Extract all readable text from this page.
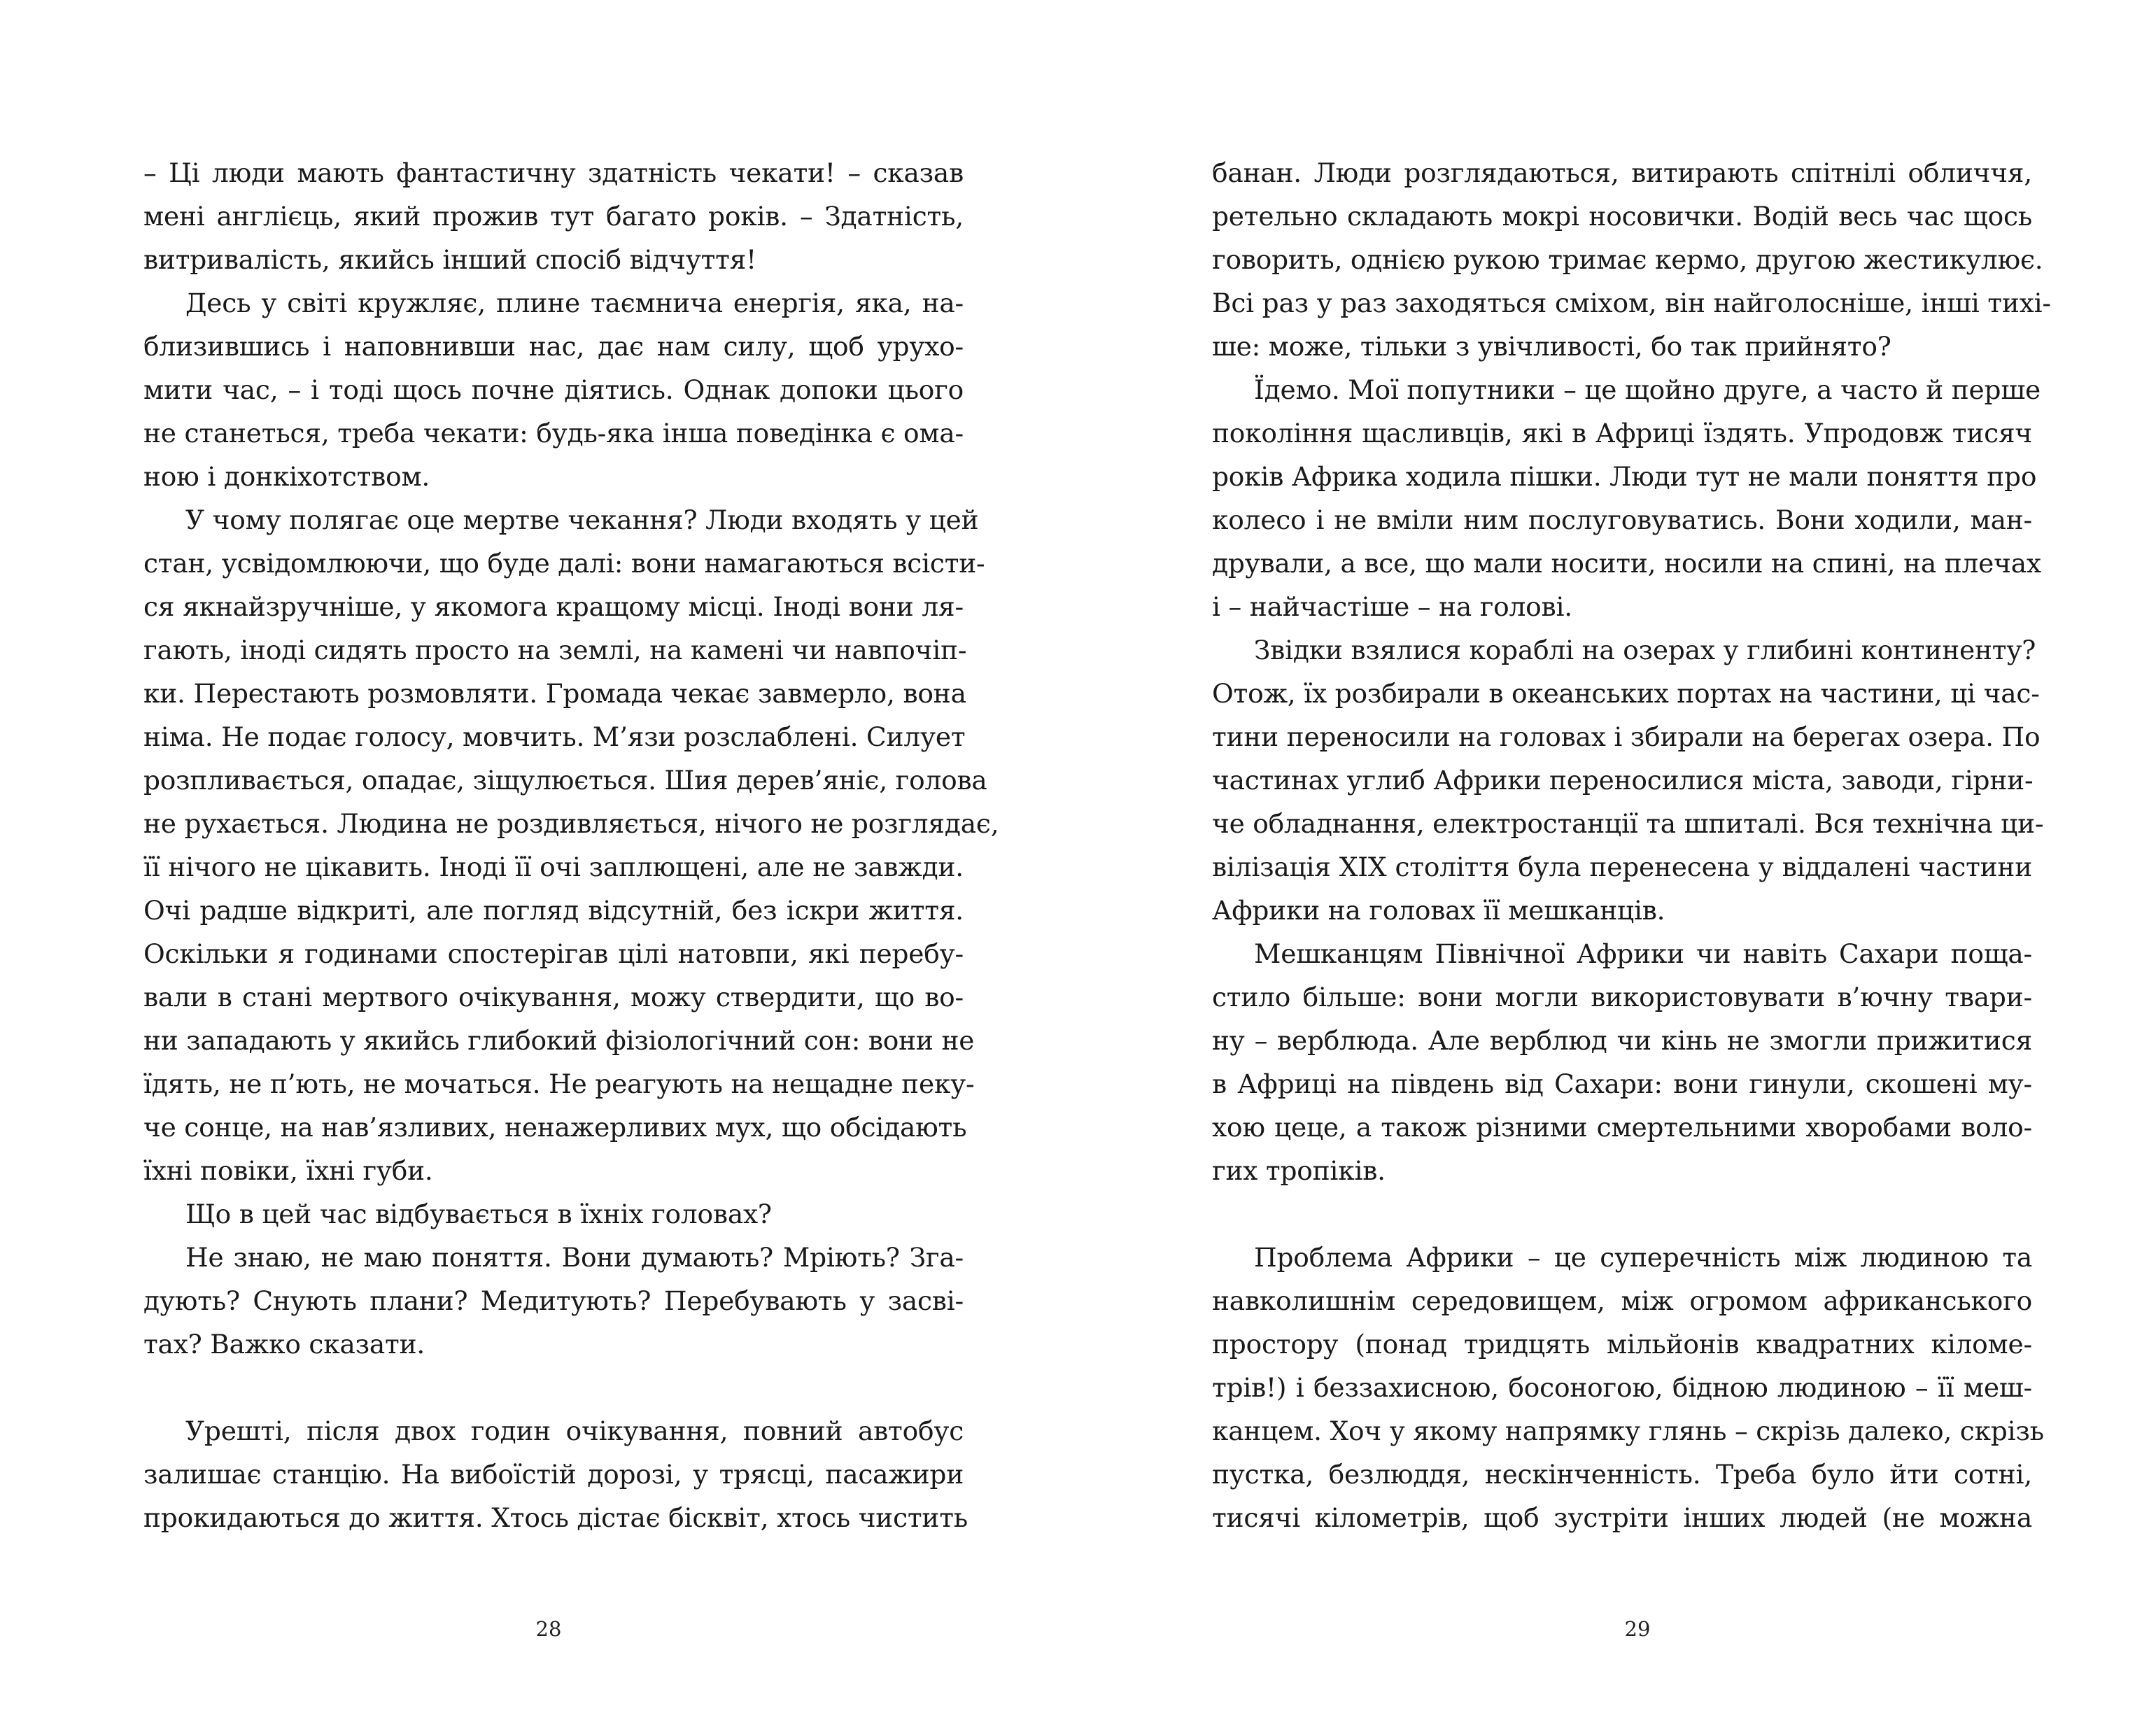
– Ці люди мають фантастичну здатність чекати! – сказав
мені англієць, який прожив тут багато років. – Здатність,
витривалість, якийсь інший спосіб відчуття!
Десь у світі кружляє, плине таємнича енергія, яка, на-
близившись і наповнивши нас, дає нам силу, щоб урухо-
мити час, – і тоді щось почне діятись. Однак допоки цього
не станеться, треба чекати: будь-яка інша поведінка є ома-
ною і донкіхотством.
У чому полягає оце мертве чекання? Люди входять у цей
стан, усвідомлюючи, що буде далі: вони намагаються всісти-
ся якнайзручніше, у якомога кращому місці. Іноді вони ля-
гають, іноді сидять просто на землі, на камені чи навпочіп-
ки. Перестають розмовляти. Громада чекає завмерло, вона
німа. Не подає голосу, мовчить. М’язи розслаблені. Силует
розпливається, опадає, зіщулюється. Шия дерев’яніє, голова
не рухається. Людина не роздивляється, нічого не розглядає,
її нічого не цікавить. Іноді її очі заплющені, але не завжди.
Очі радше відкриті, але погляд відсутній, без іскри життя.
Оскільки я годинами спостерігав цілі натовпи, які перебу-
вали в стані мертвого очікування, можу ствердити, що во-
ни западають у якийсь глибокий фізіологічний сон: вони не
їдять, не п’ють, не мочаться. Не реагують на нещадне пеку-
че сонце, на нав’язливих, ненажерливих мух, що обсідають
їхні повіки, їхні губи.
Що в цей час відбувається в їхніх головах?
Не знаю, не маю поняття. Вони думають? Мріють? Зга-
дують? Снують плани? Медитують? Перебувають у засві-
тах? Важко сказати.
Урешті, після двох годин очікування, повний автобус
залишає станцію. На вибоїстій дорозі, у трясці, пасажири
прокидаються до життя. Хтось дістає бісквіт, хтось чистить
28
банан. Люди розглядаються, витирають спітнілі обличчя,
ретельно складають мокрі носовички. Водій весь час щось
говорить, однією рукою тримає кермо, другою жестикулює.
Всі раз у раз заходяться сміхом, він найголосніше, інші тихі-
ше: може, тільки з увічливості, бо так прийнято?
Їдемо. Мої попутники – це щойно друге, а часто й перше
покоління щасливців, які в Африці їздять. Упродовж тисяч
років Африка ходила пішки. Люди тут не мали поняття про
колесо і не вміли ним послуговуватись. Вони ходили, ман-
дрували, а все, що мали носити, носили на спині, на плечах
і – найчастіше – на голові.
Звідки взялися кораблі на озерах у глибині континенту?
Отож, їх розбирали в океанських портах на частини, ці час-
тини переносили на головах і збирали на берегах озера. По
частинах углиб Африки переносилися міста, заводи, гірни-
че обладнання, електростанції та шпиталі. Вся технічна ци-
вілізація XIX століття була перенесена у віддалені частини
Африки на головах її мешканців.
Мешканцям Північної Африки чи навіть Сахари поща-
стило більше: вони могли використовувати в’ючну твари-
ну – верблюда. Але верблюд чи кінь не змогли прижитися
в Африці на південь від Сахари: вони гинули, скошені му-
хою цеце, а також різними смертельними хворобами воло-
гих тропіків.
Проблема Африки – це суперечність між людиною та
навколишнім середовищем, між огромом африканського
простору (понад тридцять мільйонів квадратних кіломе-
трів!) і беззахисною, босоногою, бідною людиною – її меш-
канцем. Хоч у якому напрямку глянь – скрізь далеко, скрізь
пустка, безлюддя, нескінченність. Треба було йти сотні,
тисячі кілометрів, щоб зустріти інших людей (не можна
29
